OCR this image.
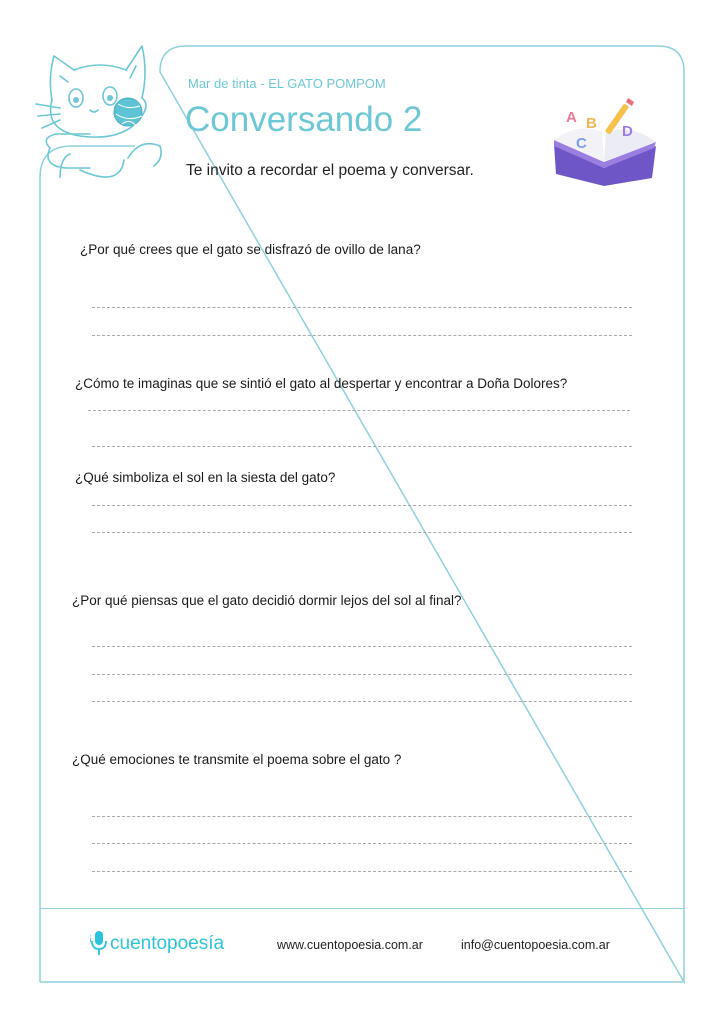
Mar de tinta - EL GATO POMPOM
Conversando 2
Te invito a recordar el poema y conversar.
A B
C
D
¿Por qué crees que el gato se disfrazó de ovillo de lana?
¿Cómo te imaginas que se sintió el gato al despertar y encontrar a Doña Dolores?
¿Qué simboliza el sol en la siesta del gato?
¿Por qué piensas que el gato decidió dormir lejos del sol al final?
¿Qué emociones te transmite el poema sobre el gato ?
cuentopoesía	www.cuentopoesia.com.ar	info@cuentopoesia.com.ar
